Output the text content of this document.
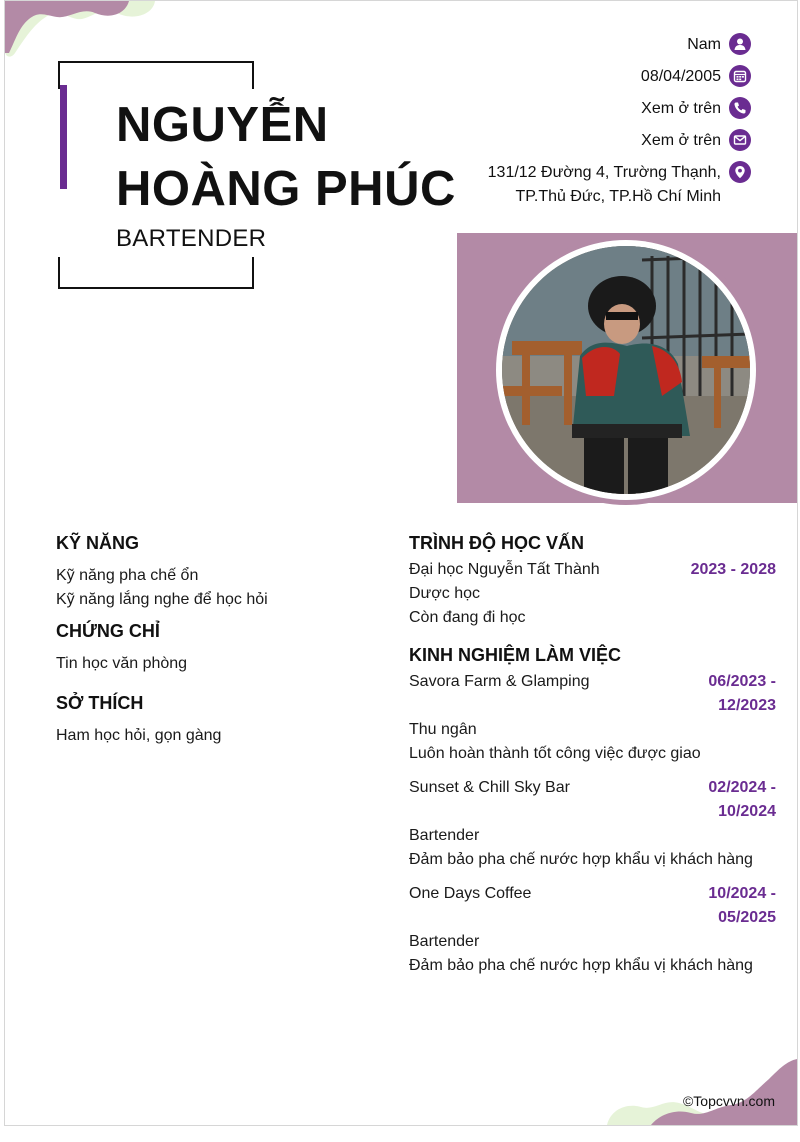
NGUYỄN
HOÀNG PHÚC
BARTENDER
Nam
08/04/2005
Xem ở trên
Xem ở trên
131/12 Đường 4, Trường Thạnh,
TP.Thủ Đức, TP.Hồ Chí Minh
KỸ NĂNG
Kỹ năng pha chế ổn
Kỹ năng lắng nghe để học hỏi
CHỨNG CHỈ
Tin học văn phòng
SỞ THÍCH
Ham học hỏi, gọn gàng
TRÌNH ĐỘ HỌC VẤN
Đại học Nguyễn Tất Thành	2023 - 2028
Dược học
Còn đang đi học
KINH NGHIỆM LÀM VIỆC
Savora Farm & Glamping	06/2023 -
12/2023
Thu ngân
Luôn hoàn thành tốt công việc được giao
Sunset & Chill Sky Bar	02/2024 -
10/2024
Bartender
Đảm bảo pha chế nước hợp khẩu vị khách hàng
One Days Coffee	10/2024 -
05/2025
Bartender
Đảm bảo pha chế nước hợp khẩu vị khách hàng
©Topcvvn.com
